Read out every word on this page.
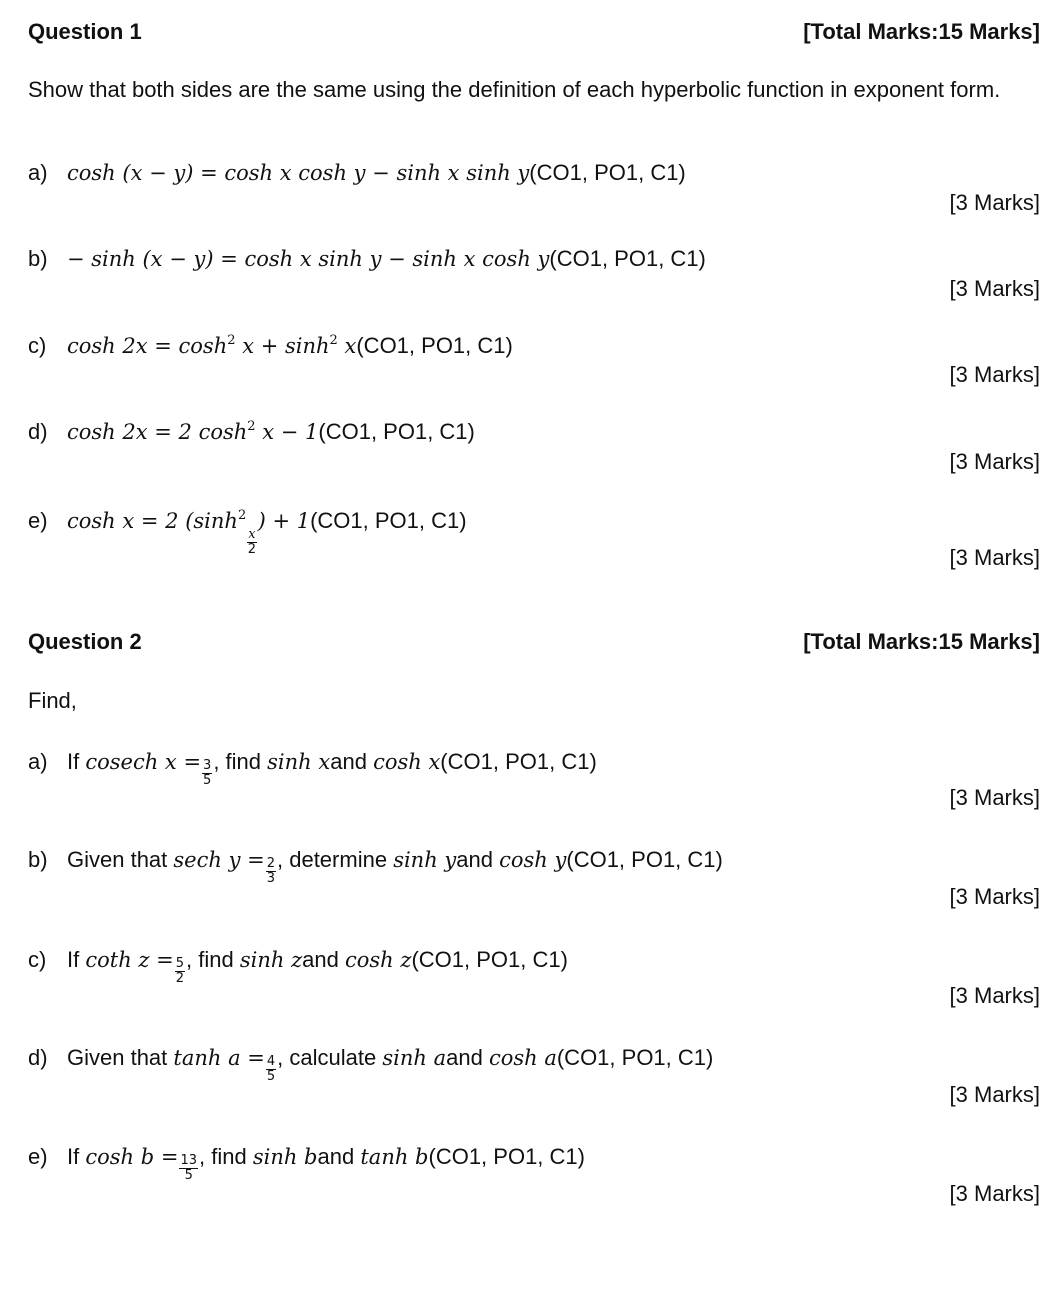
Question 1	[Total Marks:15 Marks]
Show that both sides are the same using the definition of each hyperbolic function in exponent form.
a) cosh (x − y) = cosh x cosh y − sinh x sinh y (CO1, PO1, C1)
[3 Marks]
b) − sinh (x − y) = cosh x sinh y − sinh x cosh y (CO1, PO1, C1)
[3 Marks]
c) $\cosh 2x = \cosh^2 x + \sinh^2 x$ (CO1, PO1, C1)
[3 Marks]
d) cosh 2x = 2 $\cosh^2 x - 1$ (CO1, PO1, C1)
[3 Marks]
e) cosh x = 2 ($\sinh^2$
$\frac{x}{2}$
) + 1 (CO1, PO1, C1)
[3 Marks]
Question 2	[Total Marks:15 Marks]
Find,
a) If
cosech $x = \frac{3}{5}$ , find
sinh x and
cosh x (CO1, PO1, C1)
[3 Marks]
b) Given that
sech $y = \frac{2}{3}$ , determine
sinh y and
cosh y (CO1, PO1, C1)
[3 Marks]
c) If
coth $z = \frac{5}{2}$ , find
sinh z and
cosh z (CO1, PO1, C1)
[3 Marks]
d) Given that
$\tanh a = \frac{4}{5}$ , calculate
sinh a and
cosh a (CO1, PO1, C1)
[3 Marks]
e) If
$\cosh b = \frac{13}{5}$ , find
sinh b and
tanh b (CO1, PO1, C1)
[3 Marks]
